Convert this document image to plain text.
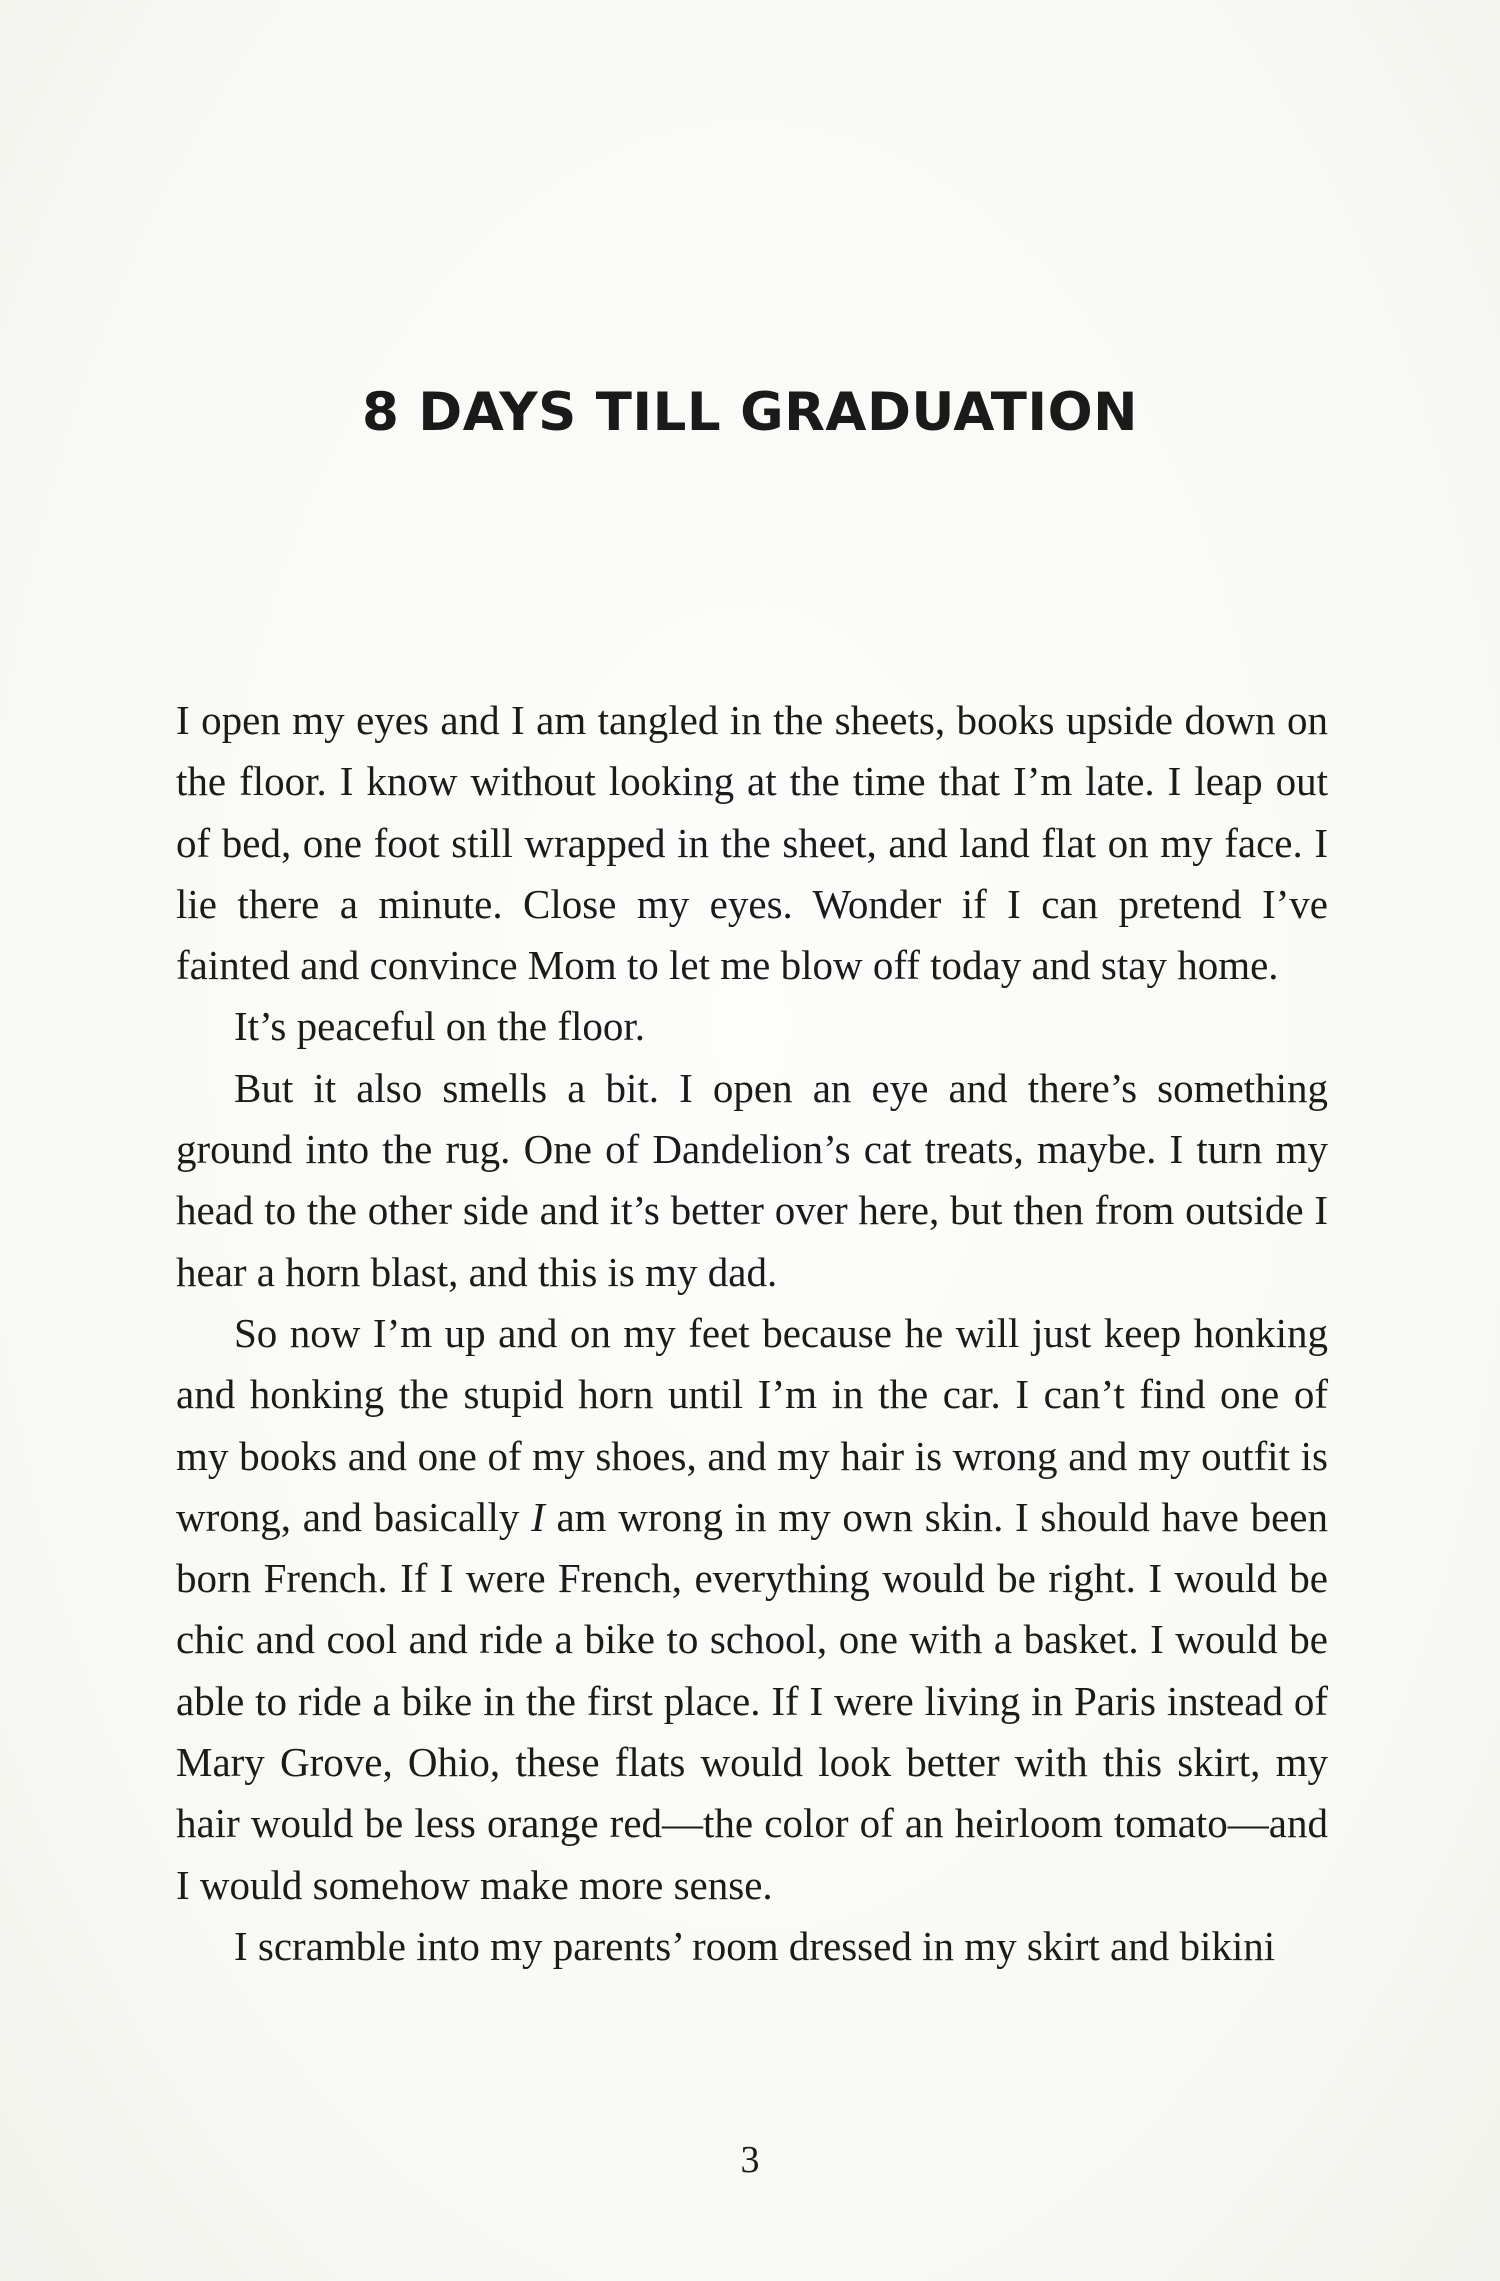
8 DAYS TILL GRADUATION

I open my eyes and I am tangled in the sheets, books upside down on the floor. I know without looking at the time that I’m late. I leap out of bed, one foot still wrapped in the sheet, and land flat on my face. I lie there a minute. Close my eyes. Wonder if I can pretend I’ve fainted and convince Mom to let me blow off today and stay home.

It’s peaceful on the floor.

But it also smells a bit. I open an eye and there’s something ground into the rug. One of Dandelion’s cat treats, maybe. I turn my head to the other side and it’s better over here, but then from outside I hear a horn blast, and this is my dad.

So now I’m up and on my feet because he will just keep honking and honking the stupid horn until I’m in the car. I can’t find one of my books and one of my shoes, and my hair is wrong and my outfit is wrong, and basically I am wrong in my own skin. I should have been born French. If I were French, everything would be right. I would be chic and cool and ride a bike to school, one with a basket. I would be able to ride a bike in the first place. If I were living in Paris instead of Mary Grove, Ohio, these flats would look better with this skirt, my hair would be less orange red—the color of an heirloom tomato—and I would somehow make more sense.

I scramble into my parents’ room dressed in my skirt and bikini

3
